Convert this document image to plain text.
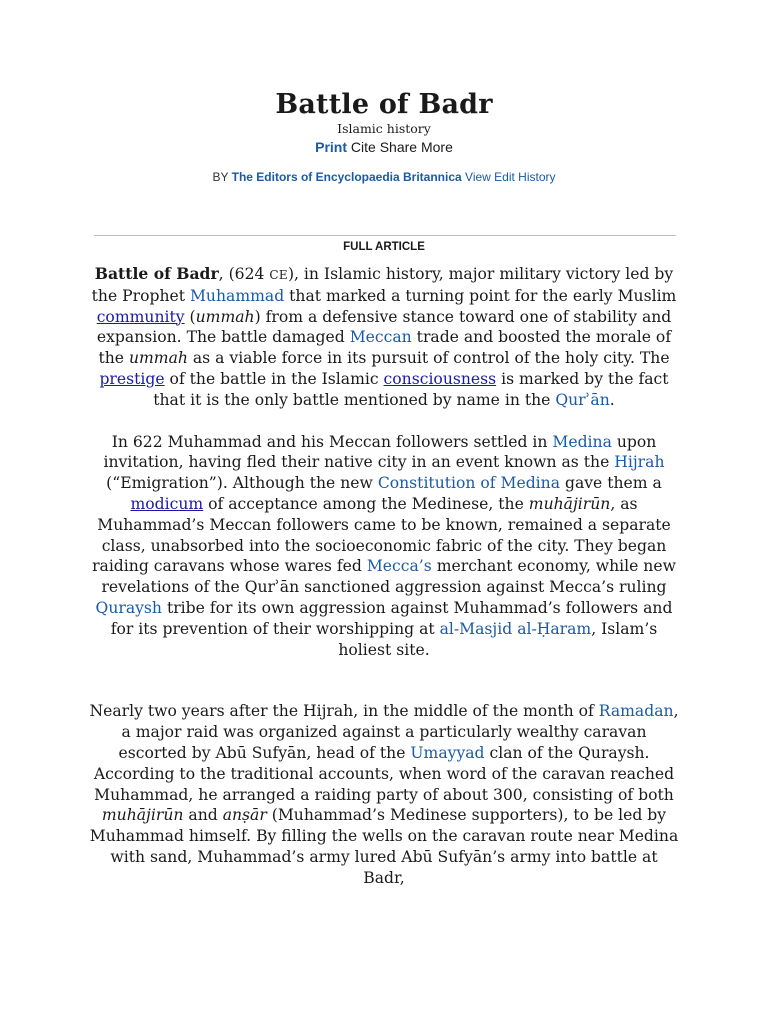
Battle of Badr
Islamic history
Print Cite Share More
BY The Editors of Encyclopaedia Britannica View Edit History
FULL ARTICLE

Battle of Badr, (624 CE), in Islamic history, major military victory led by the Prophet Muhammad that marked a turning point for the early Muslim community (ummah) from a defensive stance toward one of stability and expansion. The battle damaged Meccan trade and boosted the morale of the ummah as a viable force in its pursuit of control of the holy city. The prestige of the battle in the Islamic consciousness is marked by the fact that it is the only battle mentioned by name in the Qurʾān.

In 622 Muhammad and his Meccan followers settled in Medina upon invitation, having fled their native city in an event known as the Hijrah (“Emigration”). Although the new Constitution of Medina gave them a modicum of acceptance among the Medinese, the muhājirūn, as Muhammad’s Meccan followers came to be known, remained a separate class, unabsorbed into the socioeconomic fabric of the city. They began raiding caravans whose wares fed Mecca’s merchant economy, while new revelations of the Qurʾān sanctioned aggression against Mecca’s ruling Quraysh tribe for its own aggression against Muhammad’s followers and for its prevention of their worshipping at al-Masjid al-Ḥaram, Islam’s holiest site.

Nearly two years after the Hijrah, in the middle of the month of Ramadan, a major raid was organized against a particularly wealthy caravan escorted by Abū Sufyān, head of the Umayyad clan of the Quraysh. According to the traditional accounts, when word of the caravan reached Muhammad, he arranged a raiding party of about 300, consisting of both muhājirūn and anṣār (Muhammad’s Medinese supporters), to be led by Muhammad himself. By filling the wells on the caravan route near Medina with sand, Muhammad’s army lured Abū Sufyān’s army into battle at Badr,
